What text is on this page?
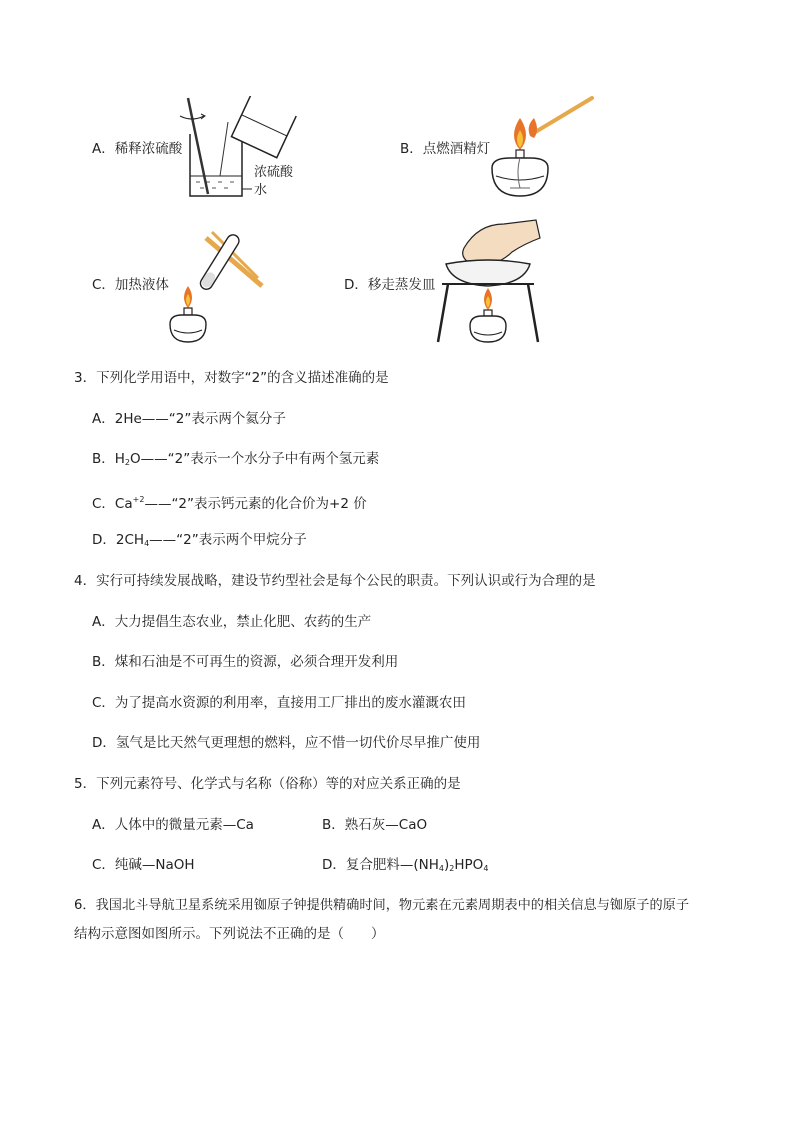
浓硫酸
水
A．稀释浓硫酸	B．点燃酒精灯
C．加热液体	D．移走蒸发皿
3．下列化学用语中，对数字“2”的含义描述准确的是
A．2He——“2”表示两个氦分子
B．$H_2O——“2$”表示一个水分子中有两个氢元素
C．$Ca^{+2}——“2$”表示钙元素的化合价为+2 价
D．$2CH_4——“2$”表示两个甲烷分子
4．实行可持续发展战略，建设节约型社会是每个公民的职责。下列认识或行为合理的是
A．大力提倡生态农业，禁止化肥、农药的生产
B．煤和石油是不可再生的资源，必须合理开发利用
C．为了提高水资源的利用率，直接用工厂排出的废水灌溉农田
D．氢气是比天然气更理想的燃料，应不惜一切代价尽早推广使用
5．下列元素符号、化学式与名称（俗称）等的对应关系正确的是
A．人体中的微量元素—Ca	B．熟石灰—CaO
C．纯碱—NaOH	D．复合肥料$—(NH_4)_2HPO_4$
6．我国北斗导航卫星系统采用铷原子钟提供精确时间，物元素在元素周期表中的相关信息与铷原子的原子
结构示意图如图所示。下列说法不正确的是（　　）
